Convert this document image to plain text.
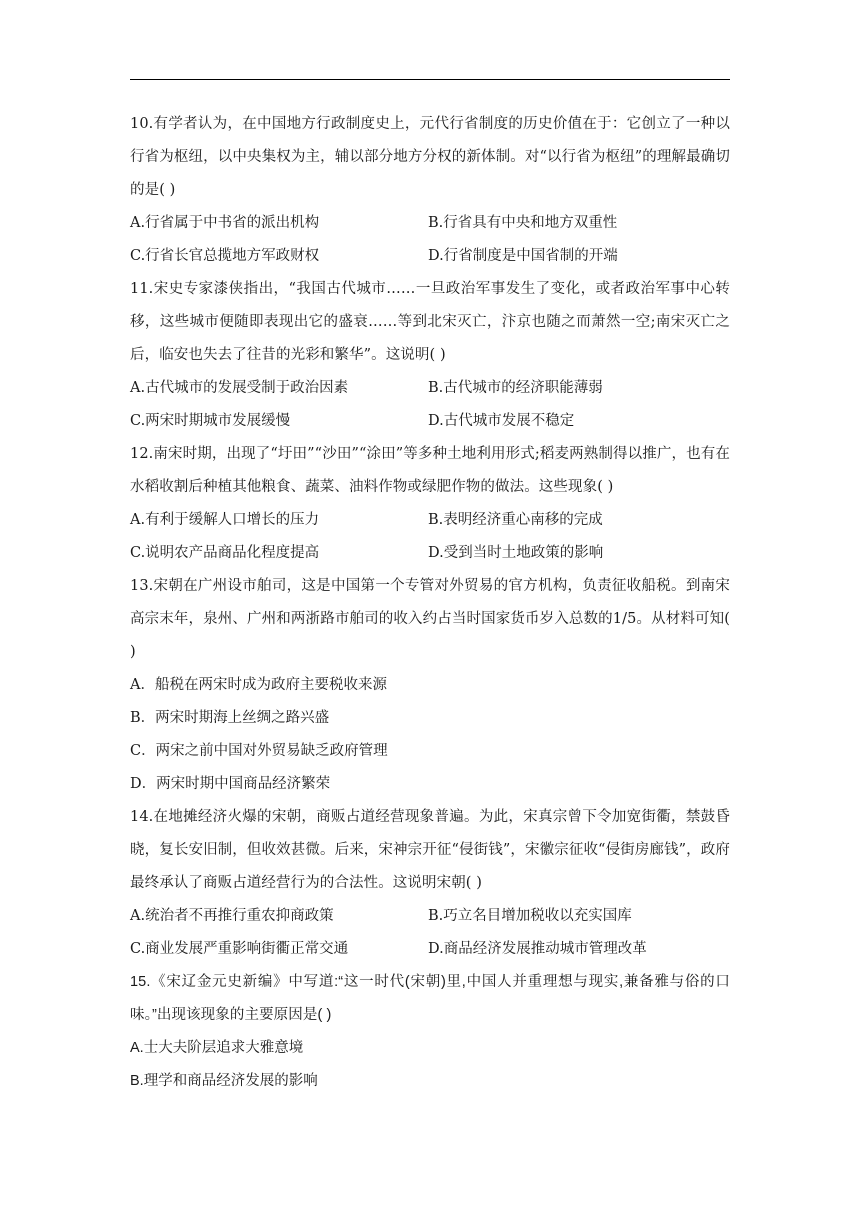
10.有学者认为，在中国地方行政制度史上，元代行省制度的历史价值在于：它创立了一种以行省为枢纽，以中央集权为主，辅以部分地方分权的新体制。对“以行省为枢纽”的理解最确切的是( )

A.行省属于中书省的派出机构	B.行省具有中央和地方双重性
C.行省长官总揽地方军政财权	D.行省制度是中国省制的开端

11.宋史专家漆侠指出，“我国古代城市……一旦政治军事发生了变化，或者政治军事中心转移，这些城市便随即表现出它的盛衰……等到北宋灭亡，汴京也随之而萧然一空;南宋灭亡之后，临安也失去了往昔的光彩和繁华”。这说明( )

A.古代城市的发展受制于政治因素	B.古代城市的经济职能薄弱
C.两宋时期城市发展缓慢	D.古代城市发展不稳定

12.南宋时期，出现了“圩田”“沙田”“涂田”等多种土地利用形式;稻麦两熟制得以推广，也有在水稻收割后种植其他粮食、蔬菜、油料作物或绿肥作物的做法。这些现象( )

A.有利于缓解人口增长的压力	B.表明经济重心南移的完成
C.说明农产品商品化程度提高	D.受到当时土地政策的影响

13.宋朝在广州设市舶司，这是中国第一个专管对外贸易的官方机构，负责征收船税。到南宋高宗末年，泉州、广州和两浙路市舶司的收入约占当时国家货币岁入总数的1/5。从材料可知( )

A．船税在两宋时成为政府主要税收来源
B．两宋时期海上丝绸之路兴盛
C．两宋之前中国对外贸易缺乏政府管理
D．两宋时期中国商品经济繁荣

14.在地摊经济火爆的宋朝，商贩占道经营现象普遍。为此，宋真宗曾下令加宽街衢，禁鼓昏晓，复长安旧制，但收效甚微。后来，宋神宗开征“侵街钱”，宋徽宗征收“侵街房廊钱”，政府最终承认了商贩占道经营行为的合法性。这说明宋朝( )

A.统治者不再推行重农抑商政策	B.巧立名目增加税收以充实国库
C.商业发展严重影响街衢正常交通	D.商品经济发展推动城市管理改革

15.《宋辽金元史新编》中写道:“这一时代(宋朝)里,中国人并重理想与现实,兼备雅与俗的口味。”出现该现象的主要原因是( )

A.士大夫阶层追求大雅意境
B.理学和商品经济发展的影响
